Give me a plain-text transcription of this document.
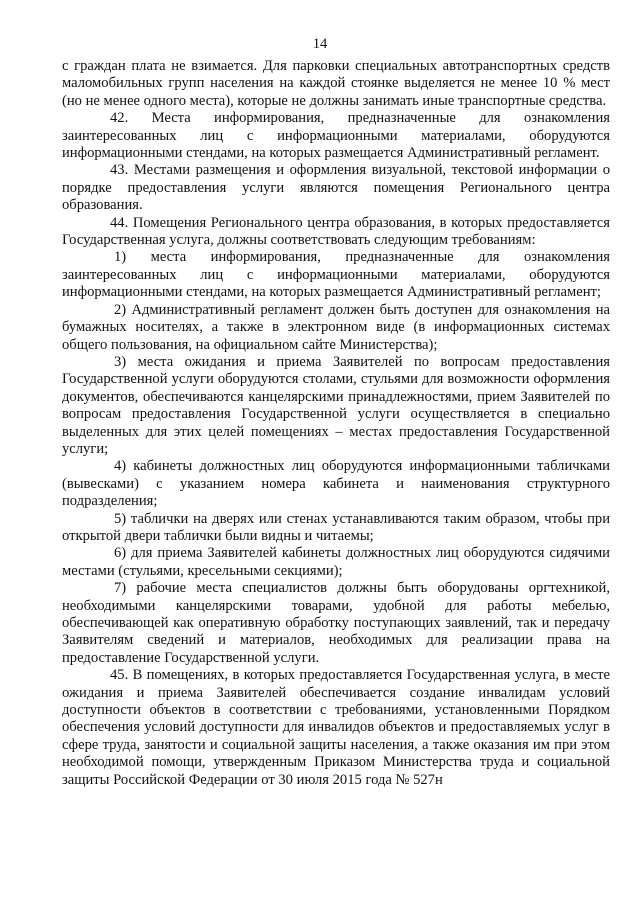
14

с граждан плата не взимается. Для парковки специальных автотранспортных средств маломобильных групп населения на каждой стоянке выделяется не менее 10 % мест (но не менее одного места), которые не должны занимать иные транспортные средства.

42. Места информирования, предназначенные для ознакомления заинтересованных лиц с информационными материалами, оборудуются информационными стендами, на которых размещается Административный регламент.

43. Местами размещения и оформления визуальной, текстовой информации о порядке предоставления услуги являются помещения Регионального центра образования.

44. Помещения Регионального центра образования, в которых предоставляется Государственная услуга, должны соответствовать следующим требованиям:

1) места информирования, предназначенные для ознакомления заинтересованных лиц с информационными материалами, оборудуются информационными стендами, на которых размещается Административный регламент;

2) Административный регламент должен быть доступен для ознакомления на бумажных носителях, а также в электронном виде (в информационных системах общего пользования, на официальном сайте Министерства);

3) места ожидания и приема Заявителей по вопросам предоставления Государственной услуги оборудуются столами, стульями для возможности оформления документов, обеспечиваются канцелярскими принадлежностями, прием Заявителей по вопросам предоставления Государственной услуги осуществляется в специально выделенных для этих целей помещениях – местах предоставления Государственной услуги;

4) кабинеты должностных лиц оборудуются информационными табличками (вывесками) с указанием номера кабинета и наименования структурного подразделения;

5) таблички на дверях или стенах устанавливаются таким образом, чтобы при открытой двери таблички были видны и читаемы;

6) для приема Заявителей кабинеты должностных лиц оборудуются сидячими местами (стульями, кресельными секциями);

7) рабочие места специалистов должны быть оборудованы оргтехникой, необходимыми канцелярскими товарами, удобной для работы мебелью, обеспечивающей как оперативную обработку поступающих заявлений, так и передачу Заявителям сведений и материалов, необходимых для реализации права на предоставление Государственной услуги.

45. В помещениях, в которых предоставляется Государственная услуга, в месте ожидания и приема Заявителей обеспечивается создание инвалидам условий доступности объектов в соответствии с требованиями, установленными Порядком обеспечения условий доступности для инвалидов объектов и предоставляемых услуг в сфере труда, занятости и социальной защиты населения, а также оказания им при этом необходимой помощи, утвержденным Приказом Министерства труда и социальной защиты Российской Федерации от 30 июля 2015 года № 527н
